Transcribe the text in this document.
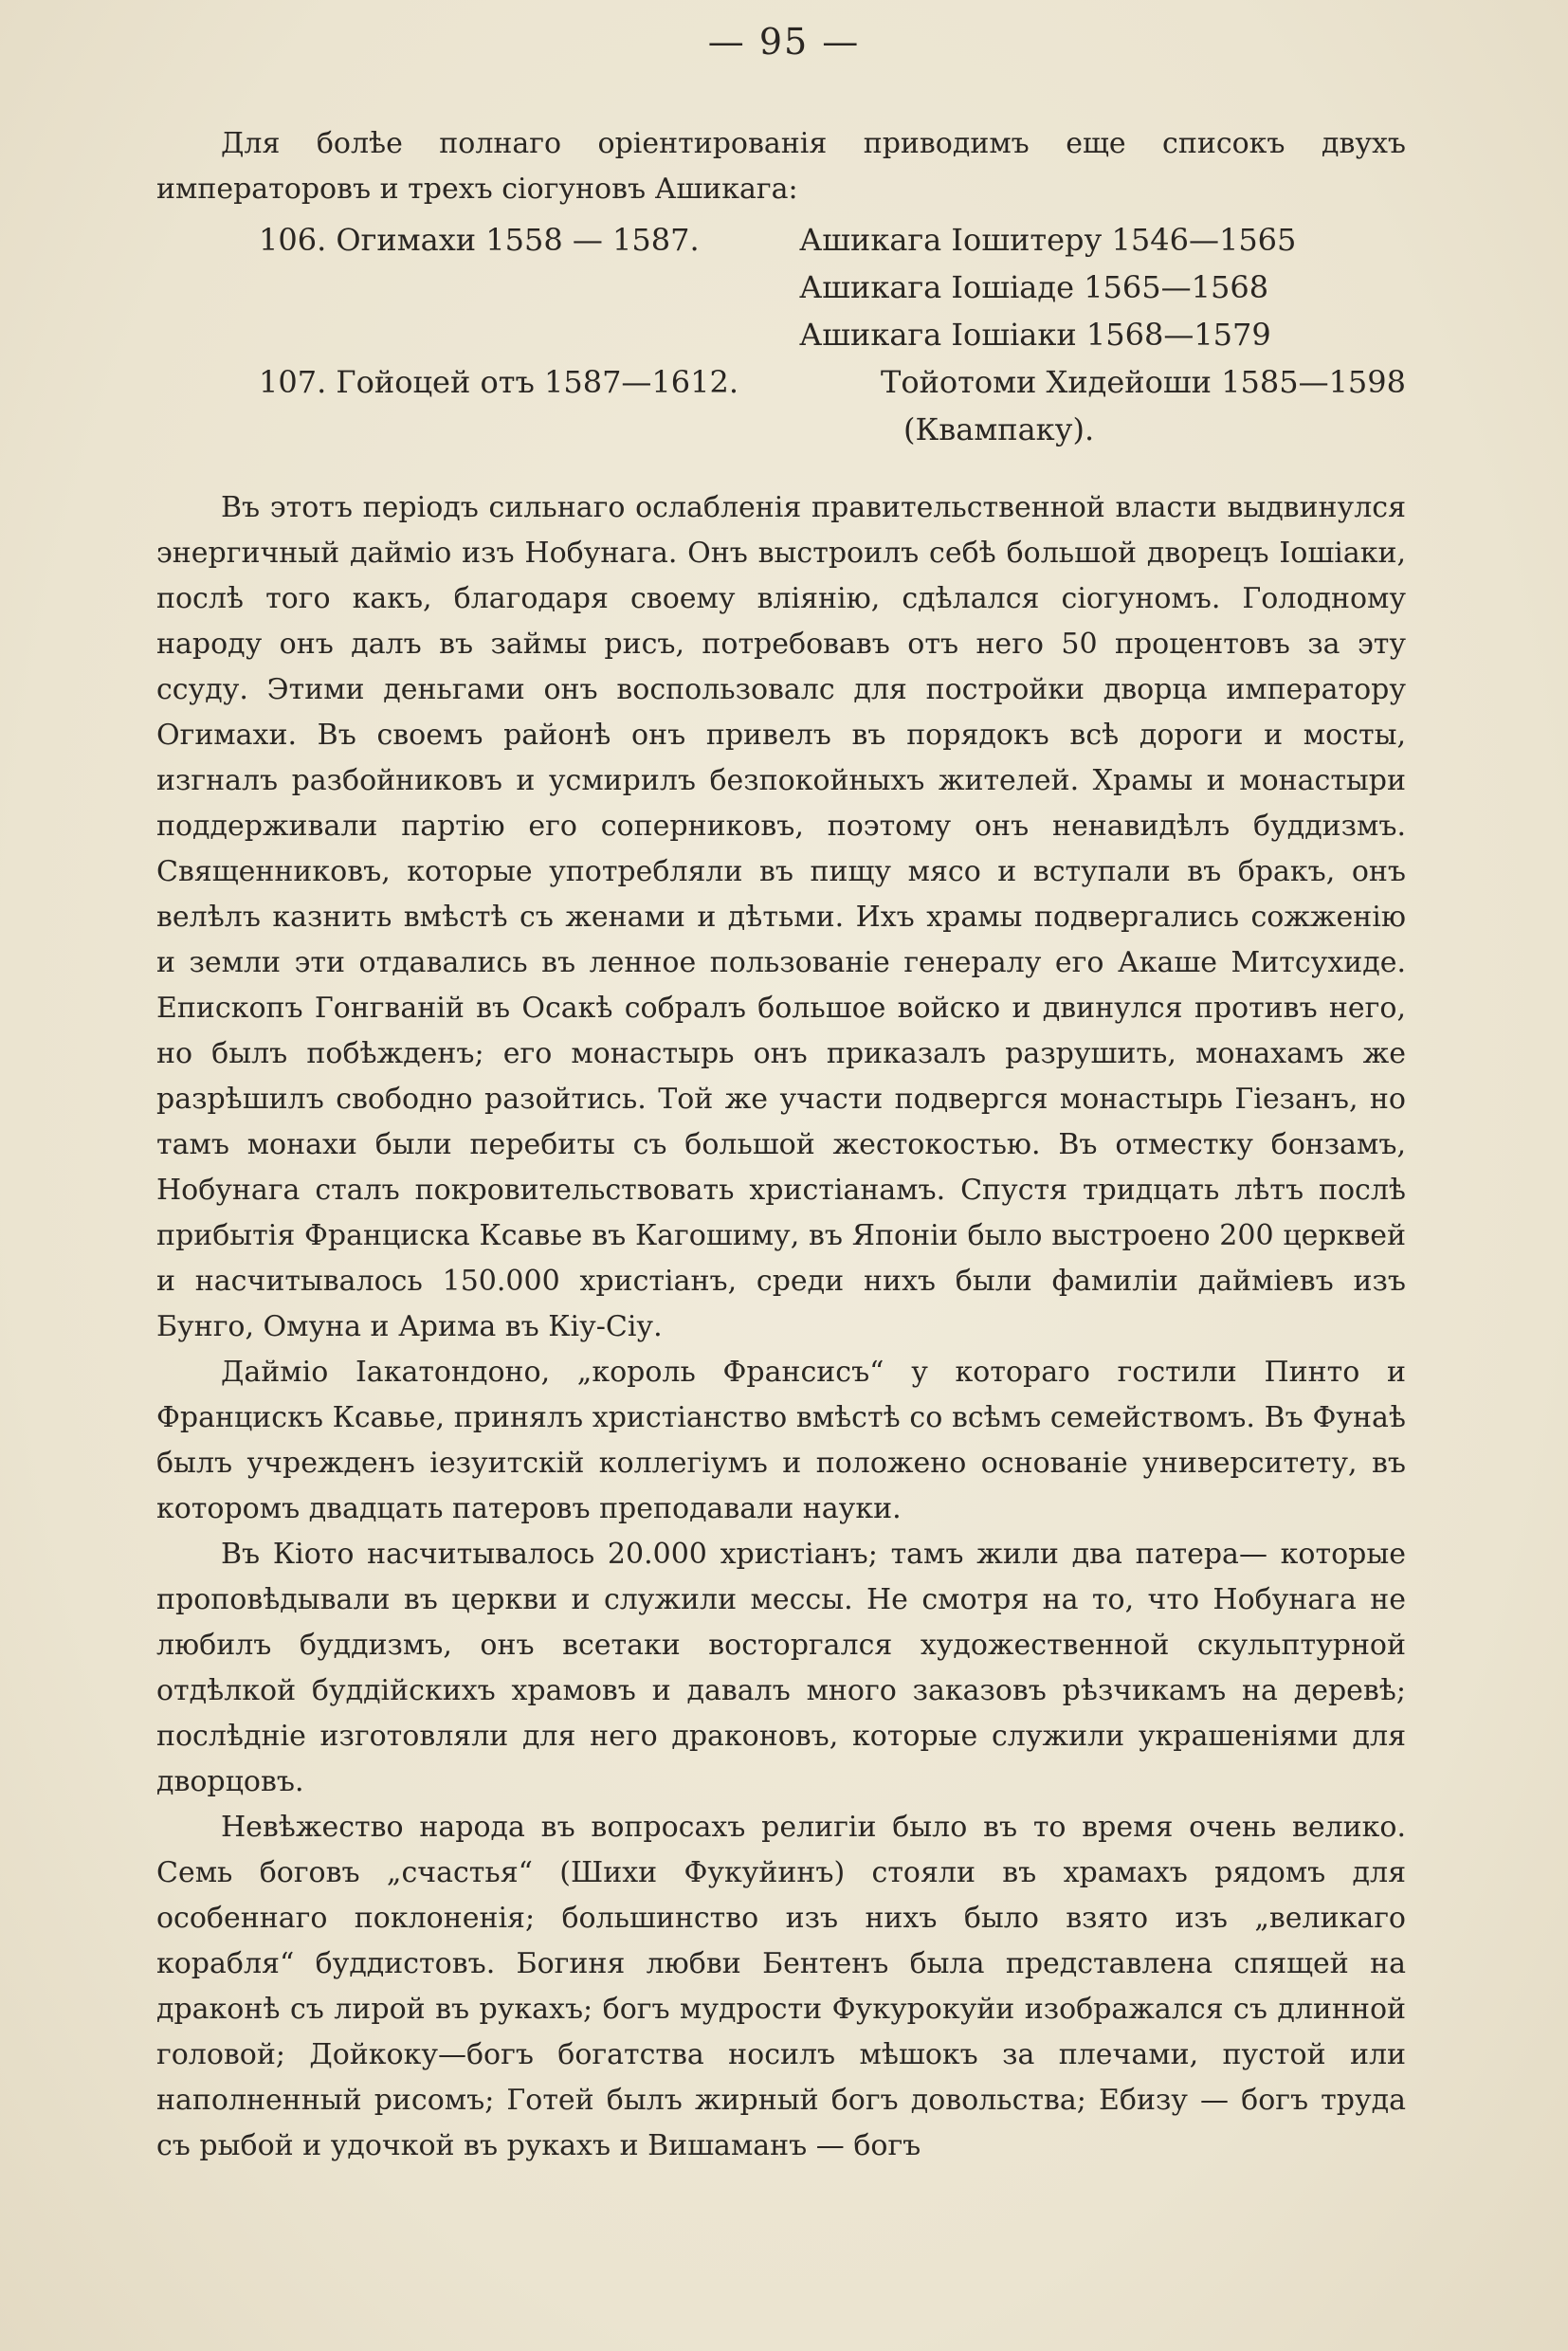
— 95 —

Для болѣе полнаго оріентированія приводимъ еще списокъ двухъ императоровъ и трехъ сіогуновъ Ашикага:

106. Огимахи 1558 — 1587.	Ашикага Іошитеру 1546—1565
Ашикага Іошіаде 1565—1568
Ашикага Іошіаки 1568—1579
107. Гойоцей отъ 1587—1612.	Тойотоми Хидейоши 1585—1598
(Квампаку).

Въ этотъ періодъ сильнаго ослабленія правительственной власти выдвинулся энергичный даймiо изъ Нобунага. Онъ выстроилъ себѣ большой дворецъ Іошіаки, послѣ того какъ, благодаря своему вліянію, сдѣлался сіогуномъ. Голодному народу онъ далъ въ займы рисъ, потребовавъ отъ него 50 процентовъ за эту ссуду. Этими деньгами онъ воспользовалс для постройки дворца императору Огимахи. Въ своемъ районѣ онъ привелъ въ порядокъ всѣ дороги и мосты, изгналъ разбойниковъ и усмирилъ безпокойныхъ жителей. Храмы и монастыри поддерживали партію его соперниковъ, поэтому онъ ненавидѣлъ буддизмъ. Священниковъ, которые употребляли въ пищу мясо и вступали въ бракъ, онъ велѣлъ казнить вмѣстѣ съ женами и дѣтьми. Ихъ храмы подвергались сожженію и земли эти отдавались въ ленное пользованіе генералу его Акаше Митсухиде. Епископъ Гонгваній въ Осакѣ собралъ большое войско и двинулся противъ него, но былъ побѣжденъ; его монастырь онъ приказалъ разрушить, монахамъ же разрѣшилъ свободно разойтись. Той же участи подвергся монастырь Гiезанъ, но тамъ монахи были перебиты съ большой жестокостью. Въ отместку бонзамъ, Нобунага сталъ покровительствовать христіанамъ. Спустя тридцать лѣтъ послѣ прибытія Франциска Ксавье въ Кагошиму, въ Японіи было выстроено 200 церквей и насчитывалось 150.000 христіанъ, среди нихъ были фамиліи дайміевъ изъ Бунго, Омуна и Арима въ Кіу-Сіу.

Даймiо Іакатондоно, „король Франсисъ“ у котораго гостили Пинто и Францискъ Ксавье, принялъ христіанство вмѣстѣ со всѣмъ семействомъ. Въ Фунаѣ былъ учрежденъ іезуитскій коллегіумъ и положено основаніе университету, въ которомъ двадцать патеровъ преподавали науки.

Въ Кіото насчитывалось 20.000 христіанъ; тамъ жили два патера— которые проповѣдывали въ церкви и служили мессы. Не смотря на то, что Нобунага не любилъ буддизмъ, онъ всетаки восторгался художественной скульптурной отдѣлкой буддійскихъ храмовъ и давалъ много заказовъ рѣзчикамъ на деревѣ; послѣдніе изготовляли для него драконовъ, которые служили украшеніями для дворцовъ.

Невѣжество народа въ вопросахъ религіи было въ то время очень велико. Семь боговъ „счастья“ (Шихи Фукуйинъ) стояли въ храмахъ рядомъ для особеннаго поклоненія; большинство изъ нихъ было взято изъ „великаго корабля“ буддистовъ. Богиня любви Бентенъ была представлена спящей на драконѣ съ лирой въ рукахъ; богъ мудрости Фукурокуйи изображался съ длинной головой; Дойкоку—богъ богатства носилъ мѣшокъ за плечами, пустой или наполненный рисомъ; Готей былъ жирный богъ довольства; Ебизу — богъ труда съ рыбой и удочкой въ рукахъ и Вишаманъ — богъ
